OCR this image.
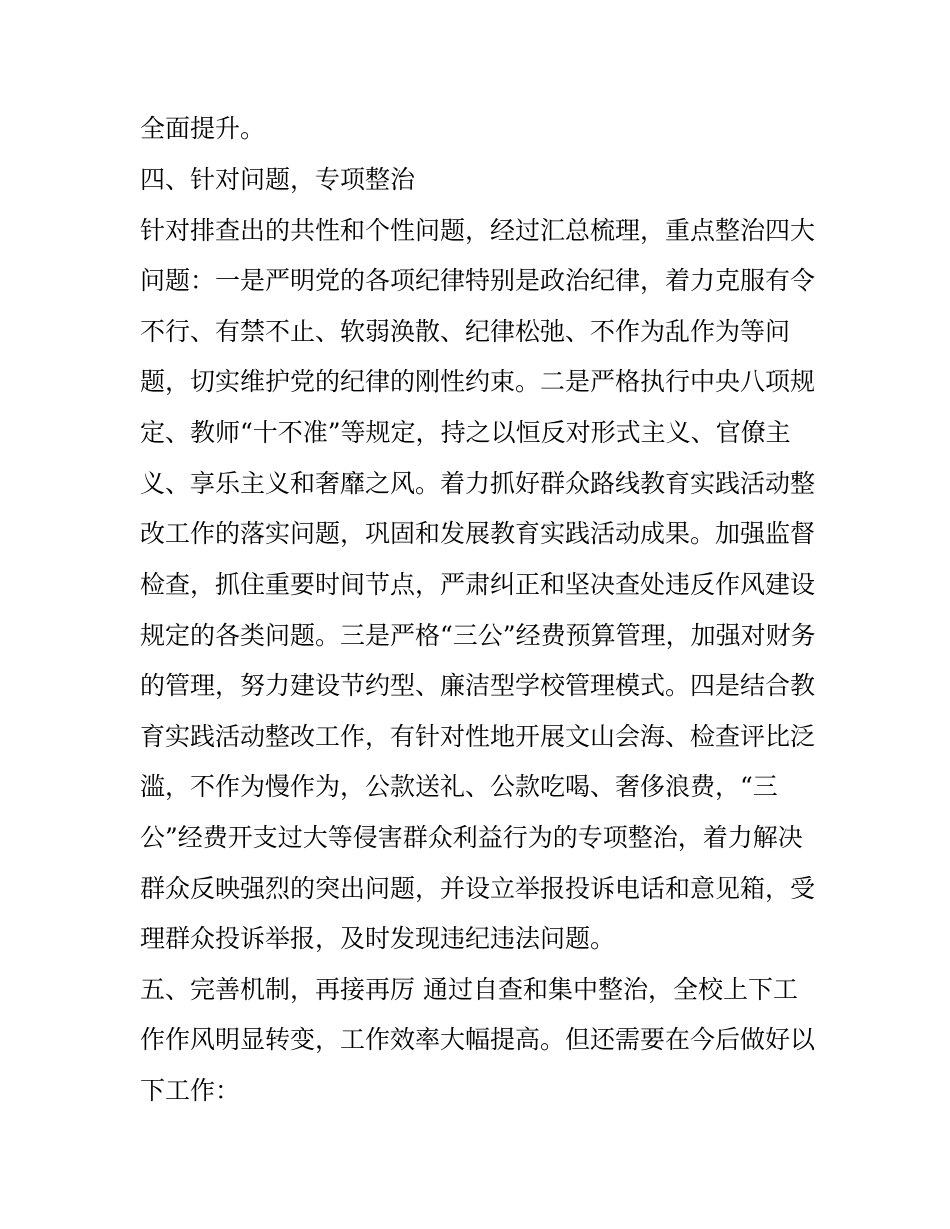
全面提升。
四、针对问题，专项整治
针对排查出的共性和个性问题，经过汇总梳理，重点整治四大
问题：一是严明党的各项纪律特别是政治纪律，着力克服有令
不行、有禁不止、软弱涣散、纪律松弛、不作为乱作为等问
题，切实维护党的纪律的刚性约束。二是严格执行中央八项规
定、教师“十不准”等规定，持之以恒反对形式主义、官僚主
义、享乐主义和奢靡之风。着力抓好群众路线教育实践活动整
改工作的落实问题，巩固和发展教育实践活动成果。加强监督
检查，抓住重要时间节点，严肃纠正和坚决查处违反作风建设
规定的各类问题。三是严格“三公”经费预算管理，加强对财务
的管理，努力建设节约型、廉洁型学校管理模式。四是结合教
育实践活动整改工作，有针对性地开展文山会海、检查评比泛
滥，不作为慢作为，公款送礼、公款吃喝、奢侈浪费，“三
公”经费开支过大等侵害群众利益行为的专项整治，着力解决
群众反映强烈的突出问题，并设立举报投诉电话和意见箱，受
理群众投诉举报，及时发现违纪违法问题。
五、完善机制，再接再厉 通过自查和集中整治，全校上下工
作作风明显转变，工作效率大幅提高。但还需要在今后做好以
下工作：
